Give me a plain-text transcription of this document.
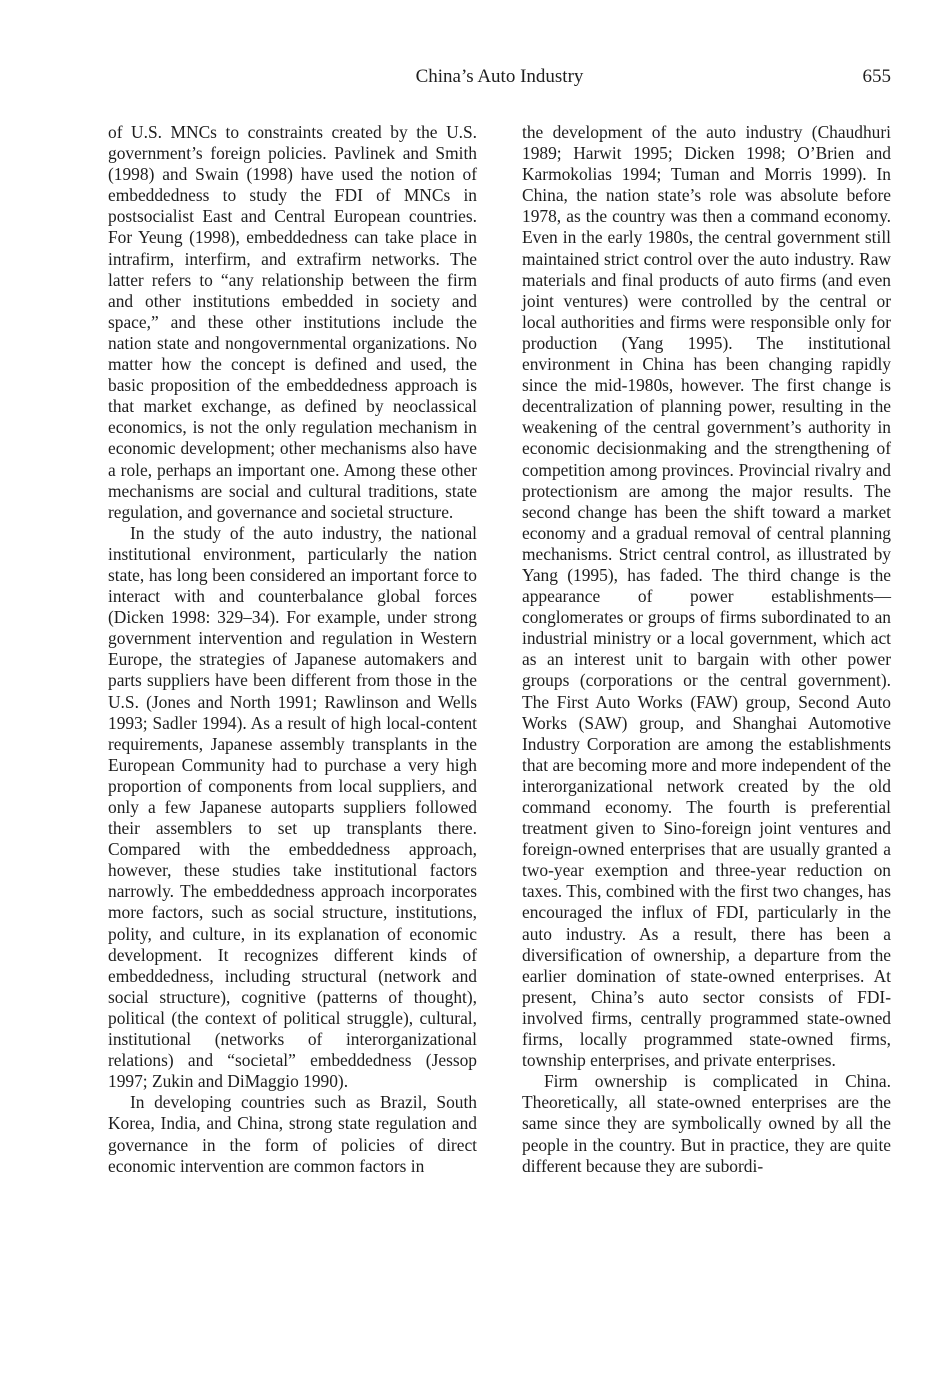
China’s Auto Industry	655

of U.S. MNCs to constraints created by the U.S. government’s foreign policies. Pavlinek and Smith (1998) and Swain (1998) have used the notion of embeddedness to study the FDI of MNCs in postsocialist East and Central European countries. For Yeung (1998), embeddedness can take place in intrafirm, interfirm, and extrafirm networks. The latter refers to “any relationship between the firm and other institutions embedded in society and space,” and these other institutions include the nation state and nongovernmental organizations. No matter how the concept is defined and used, the basic proposition of the embeddedness approach is that market exchange, as defined by neoclassical economics, is not the only regulation mechanism in economic development; other mechanisms also have a role, perhaps an important one. Among these other mechanisms are social and cultural traditions, state regulation, and governance and societal structure.

In the study of the auto industry, the national institutional environment, particularly the nation state, has long been considered an important force to interact with and counterbalance global forces (Dicken 1998: 329–34). For example, under strong government intervention and regulation in Western Europe, the strategies of Japanese automakers and parts suppliers have been different from those in the U.S. (Jones and North 1991; Rawlinson and Wells 1993; Sadler 1994). As a result of high local-content requirements, Japanese assembly transplants in the European Community had to purchase a very high proportion of components from local suppliers, and only a few Japanese autoparts suppliers followed their assemblers to set up transplants there. Compared with the embeddedness approach, however, these studies take institutional factors narrowly. The embeddedness approach incorporates more factors, such as social structure, institutions, polity, and culture, in its explanation of economic development. It recognizes different kinds of embeddedness, including structural (network and social structure), cognitive (patterns of thought), political (the context of political struggle), cultural, institutional (networks of interorganizational relations) and “societal” embeddedness (Jessop 1997; Zukin and DiMaggio 1990).

In developing countries such as Brazil, South Korea, India, and China, strong state regulation and governance in the form of policies of direct economic intervention are common factors in

the development of the auto industry (Chaudhuri 1989; Harwit 1995; Dicken 1998; O’Brien and Karmokolias 1994; Tuman and Morris 1999). In China, the nation state’s role was absolute before 1978, as the country was then a command economy. Even in the early 1980s, the central government still maintained strict control over the auto industry. Raw materials and final products of auto firms (and even joint ventures) were controlled by the central or local authorities and firms were responsible only for production (Yang 1995). The institutional environment in China has been changing rapidly since the mid-1980s, however. The first change is decentralization of planning power, resulting in the weakening of the central government’s authority in economic decisionmaking and the strengthening of competition among provinces. Provincial rivalry and protectionism are among the major results. The second change has been the shift toward a market economy and a gradual removal of central planning mechanisms. Strict central control, as illustrated by Yang (1995), has faded. The third change is the appearance of power establishments—conglomerates or groups of firms subordinated to an industrial ministry or a local government, which act as an interest unit to bargain with other power groups (corporations or the central government). The First Auto Works (FAW) group, Second Auto Works (SAW) group, and Shanghai Automotive Industry Corporation are among the establishments that are becoming more and more independent of the interorganizational network created by the old command economy. The fourth is preferential treatment given to Sino-foreign joint ventures and foreign-owned enterprises that are usually granted a two-year exemption and three-year reduction on taxes. This, combined with the first two changes, has encouraged the influx of FDI, particularly in the auto industry. As a result, there has been a diversification of ownership, a departure from the earlier domination of state-owned enterprises. At present, China’s auto sector consists of FDI-involved firms, centrally programmed state-owned firms, locally programmed state-owned firms, township enterprises, and private enterprises.

Firm ownership is complicated in China. Theoretically, all state-owned enterprises are the same since they are symbolically owned by all the people in the country. But in practice, they are quite different because they are subordi-
